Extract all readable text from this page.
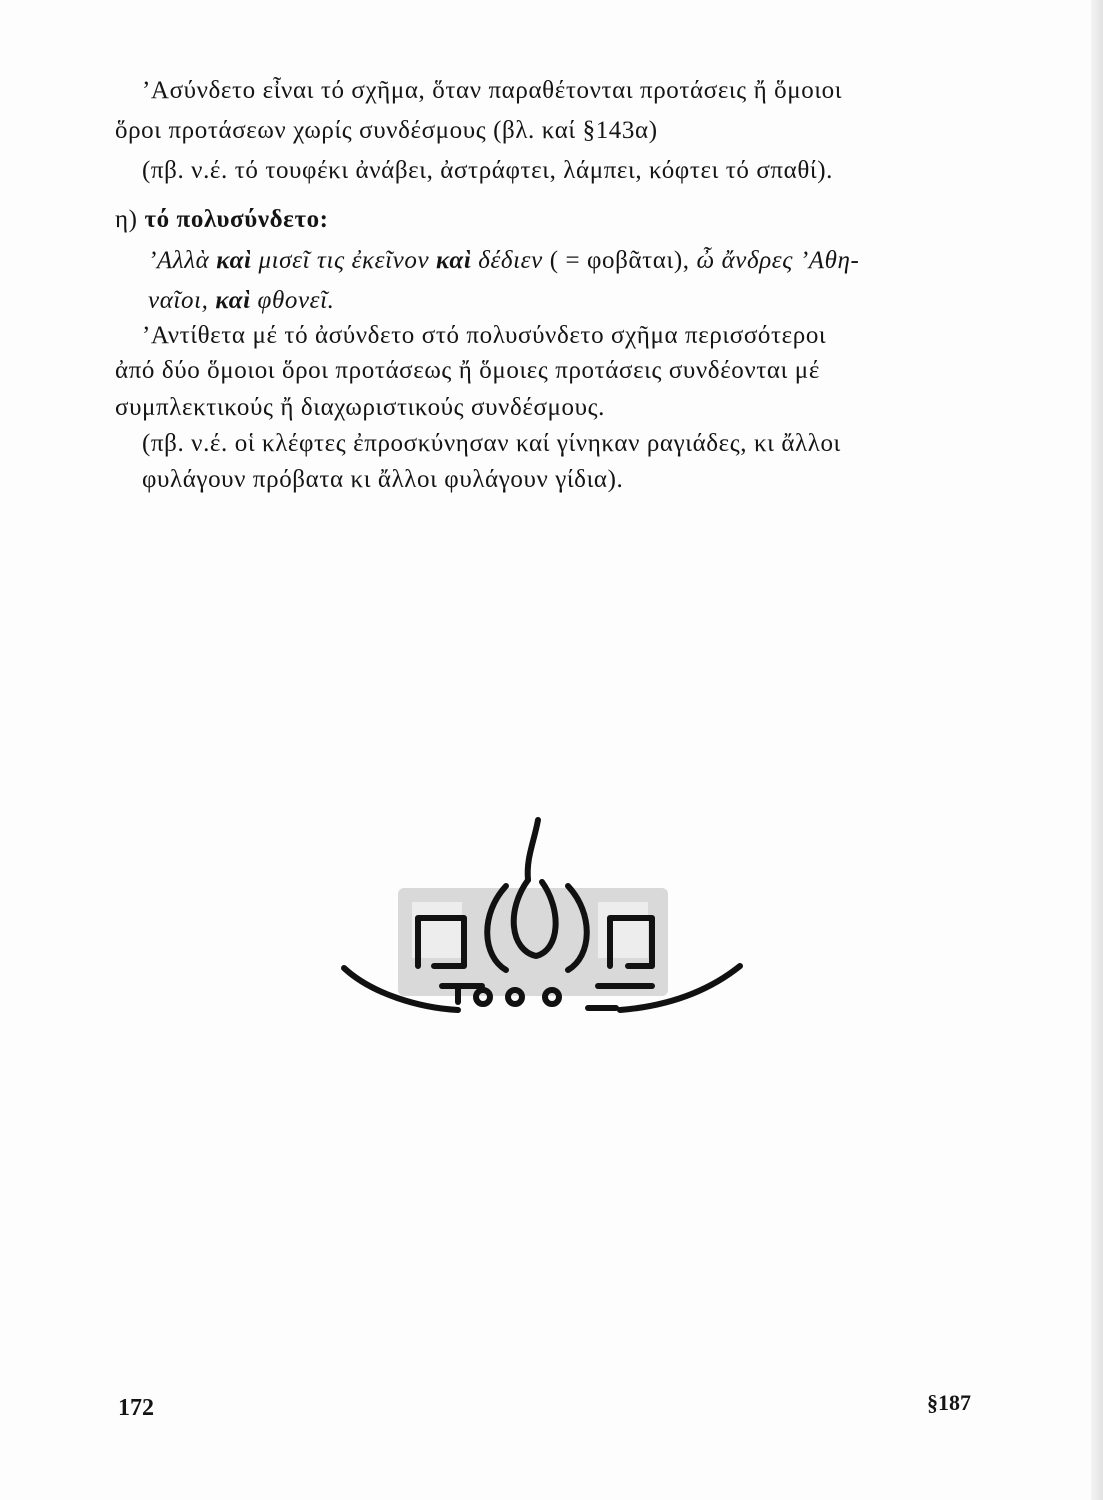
’Ασύνδετο εἶναι τό σχῆμα, ὅταν παραθέτονται προτάσεις ἤ ὅμοιοι
ὅροι προτάσεων χωρίς συνδέσμους (βλ. καί §143α)
(πβ. ν.έ. τό τουφέκι ἀνάβει, ἀστράφτει, λάμπει, κόφτει τό σπαθί).
η) τό πολυσύνδετο:
’Αλλὰ καὶ μισεῖ τις ἐκεῖνον καὶ δέδιεν ( = φοβᾶται), ὦ ἄνδρες ’Αθη-
ναῖοι, καὶ φθονεῖ.
’Αντίθετα μέ τό ἀσύνδετο στό πολυσύνδετο σχῆμα περισσότεροι
ἀπό δύο ὅμοιοι ὅροι προτάσεως ἤ ὅμοιες προτάσεις συνδέονται μέ
συμπλεκτικούς ἤ διαχωριστικούς συνδέσμους.
(πβ. ν.έ. οἱ κλέφτες ἐπροσκύνησαν καί γίνηκαν ραγιάδες, κι ἄλλοι
φυλάγουν πρόβατα κι ἄλλοι φυλάγουν γίδια).
172	§187
